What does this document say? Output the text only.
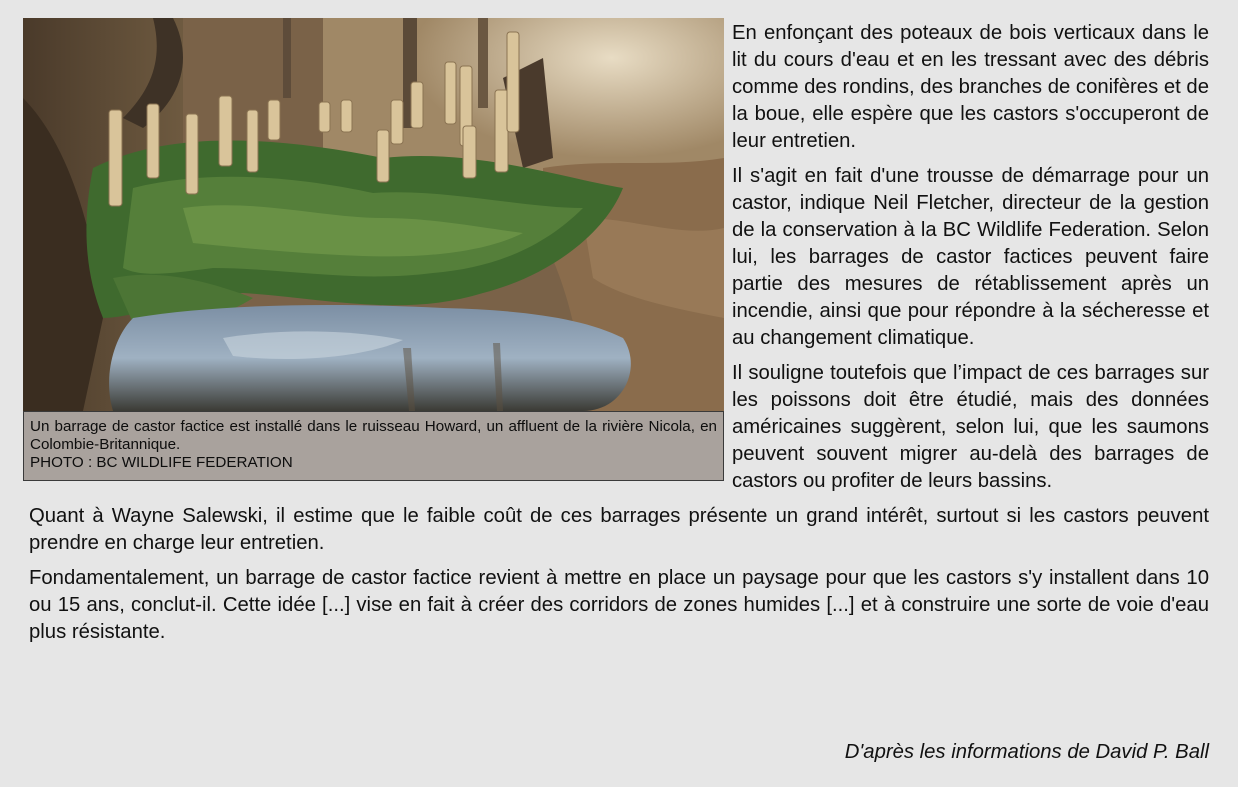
Un barrage de castor factice est installé dans le ruisseau Howard, un affluent de la rivière Nicola, en Colombie-Britannique.
PHOTO : BC WILDLIFE FEDERATION

En enfonçant des poteaux de bois verticaux dans le lit du cours d'eau et en les tressant avec des débris comme des rondins, des branches de conifères et de la boue, elle espère que les castors s'occuperont de leur entretien.

Il s'agit en fait d'une trousse de démarrage pour un castor, indique Neil Fletcher, directeur de la gestion de la conservation à la BC Wildlife Federation. Selon lui, les barrages de castor factices peuvent faire partie des mesures de rétablissement après un incendie, ainsi que pour répondre à la sécheresse et au changement climatique.

Il souligne toutefois que l’impact de ces barrages sur les poissons doit être étudié, mais des données américaines suggèrent, selon lui, que les saumons peuvent souvent migrer au-delà des barrages de castors ou profiter de leurs bassins.

Quant à Wayne Salewski, il estime que le faible coût de ces barrages présente un grand intérêt, surtout si les castors peuvent prendre en charge leur entretien.

Fondamentalement, un barrage de castor factice revient à mettre en place un paysage pour que les castors s'y installent dans 10 ou 15 ans, conclut-il. Cette idée [...] vise en fait à créer des corridors de zones humides [...] et à construire une sorte de voie d'eau plus résistante.

D'après les informations de David P. Ball
